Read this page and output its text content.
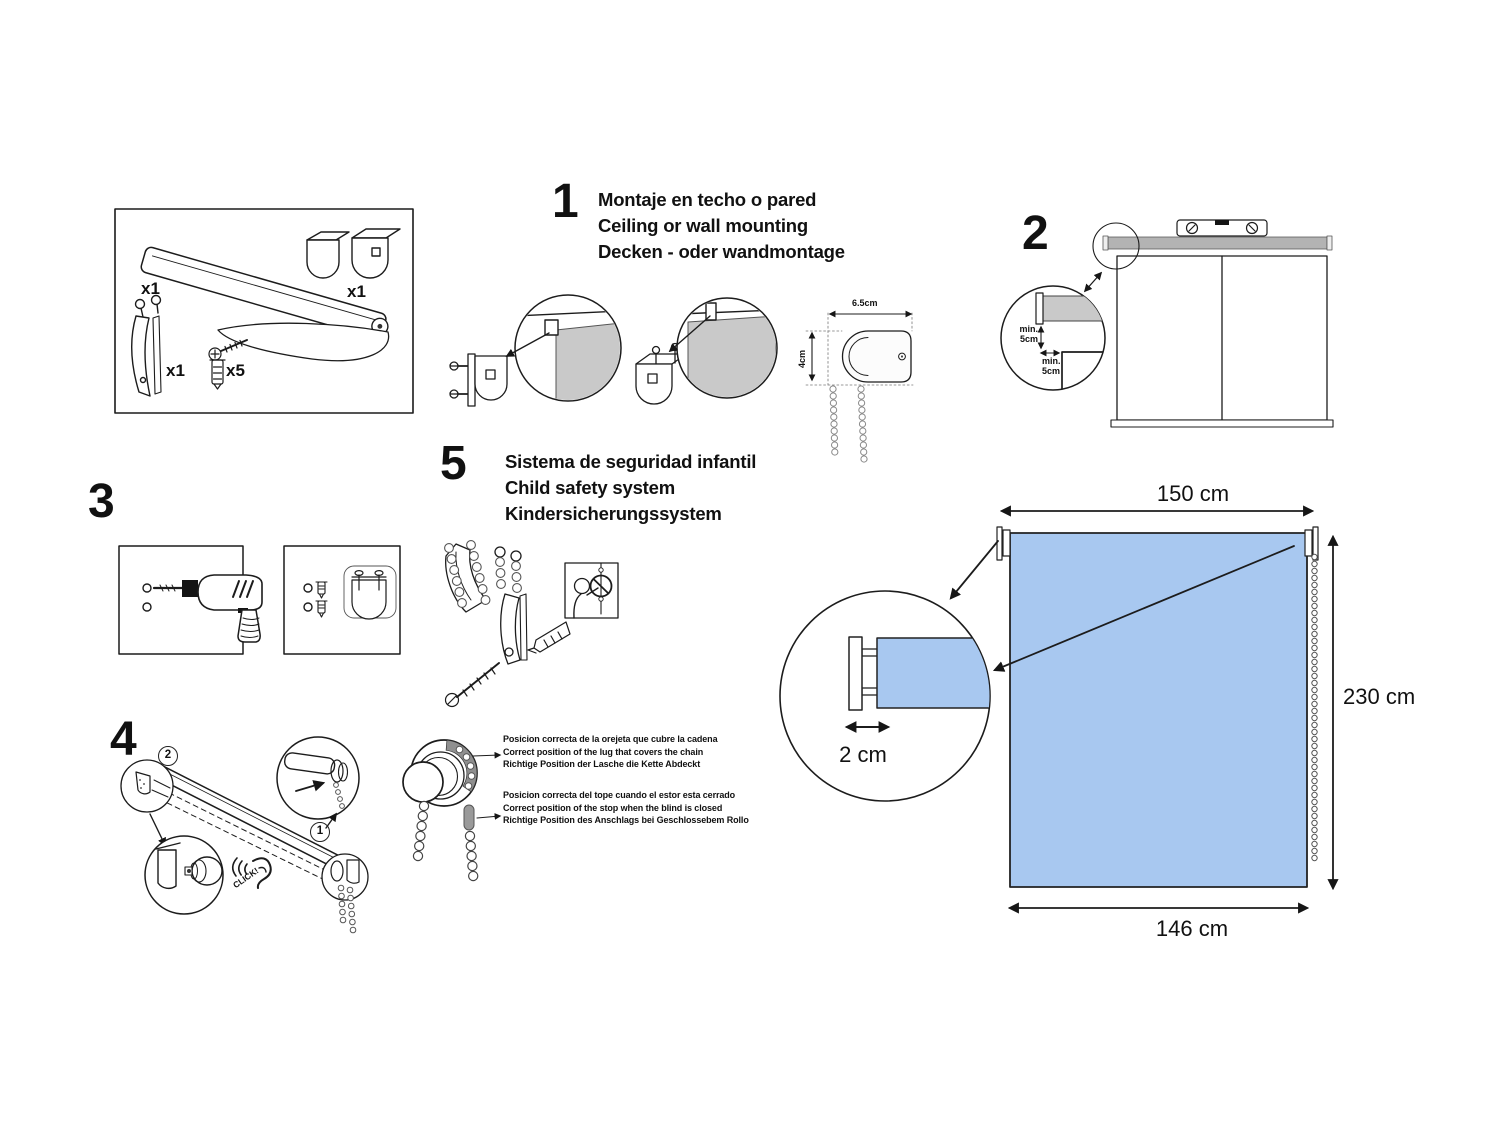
x1	x1
x1 x5
1 Montaje en techo o pared
Ceiling or wall mounting
Decken - oder wandmontage
6.5cm
4cm
2
min.
5cm
min.
5cm
3
4	2
1
CLICK!
5 Sistema de seguridad infantil
Child safety system
Kindersicherungssystem
Posicion correcta de la orejeta que cubre la cadena
Correct position of the lug that covers the chain
Richtige Position der Lasche die Kette Abdeckt
Posicion correcta del tope cuando el estor esta cerrado
Correct position of the stop when the blind is closed
Richtige Position des Anschlags bei Geschlossebem Rollo
150 cm
230 cm
146 cm
2 cm
